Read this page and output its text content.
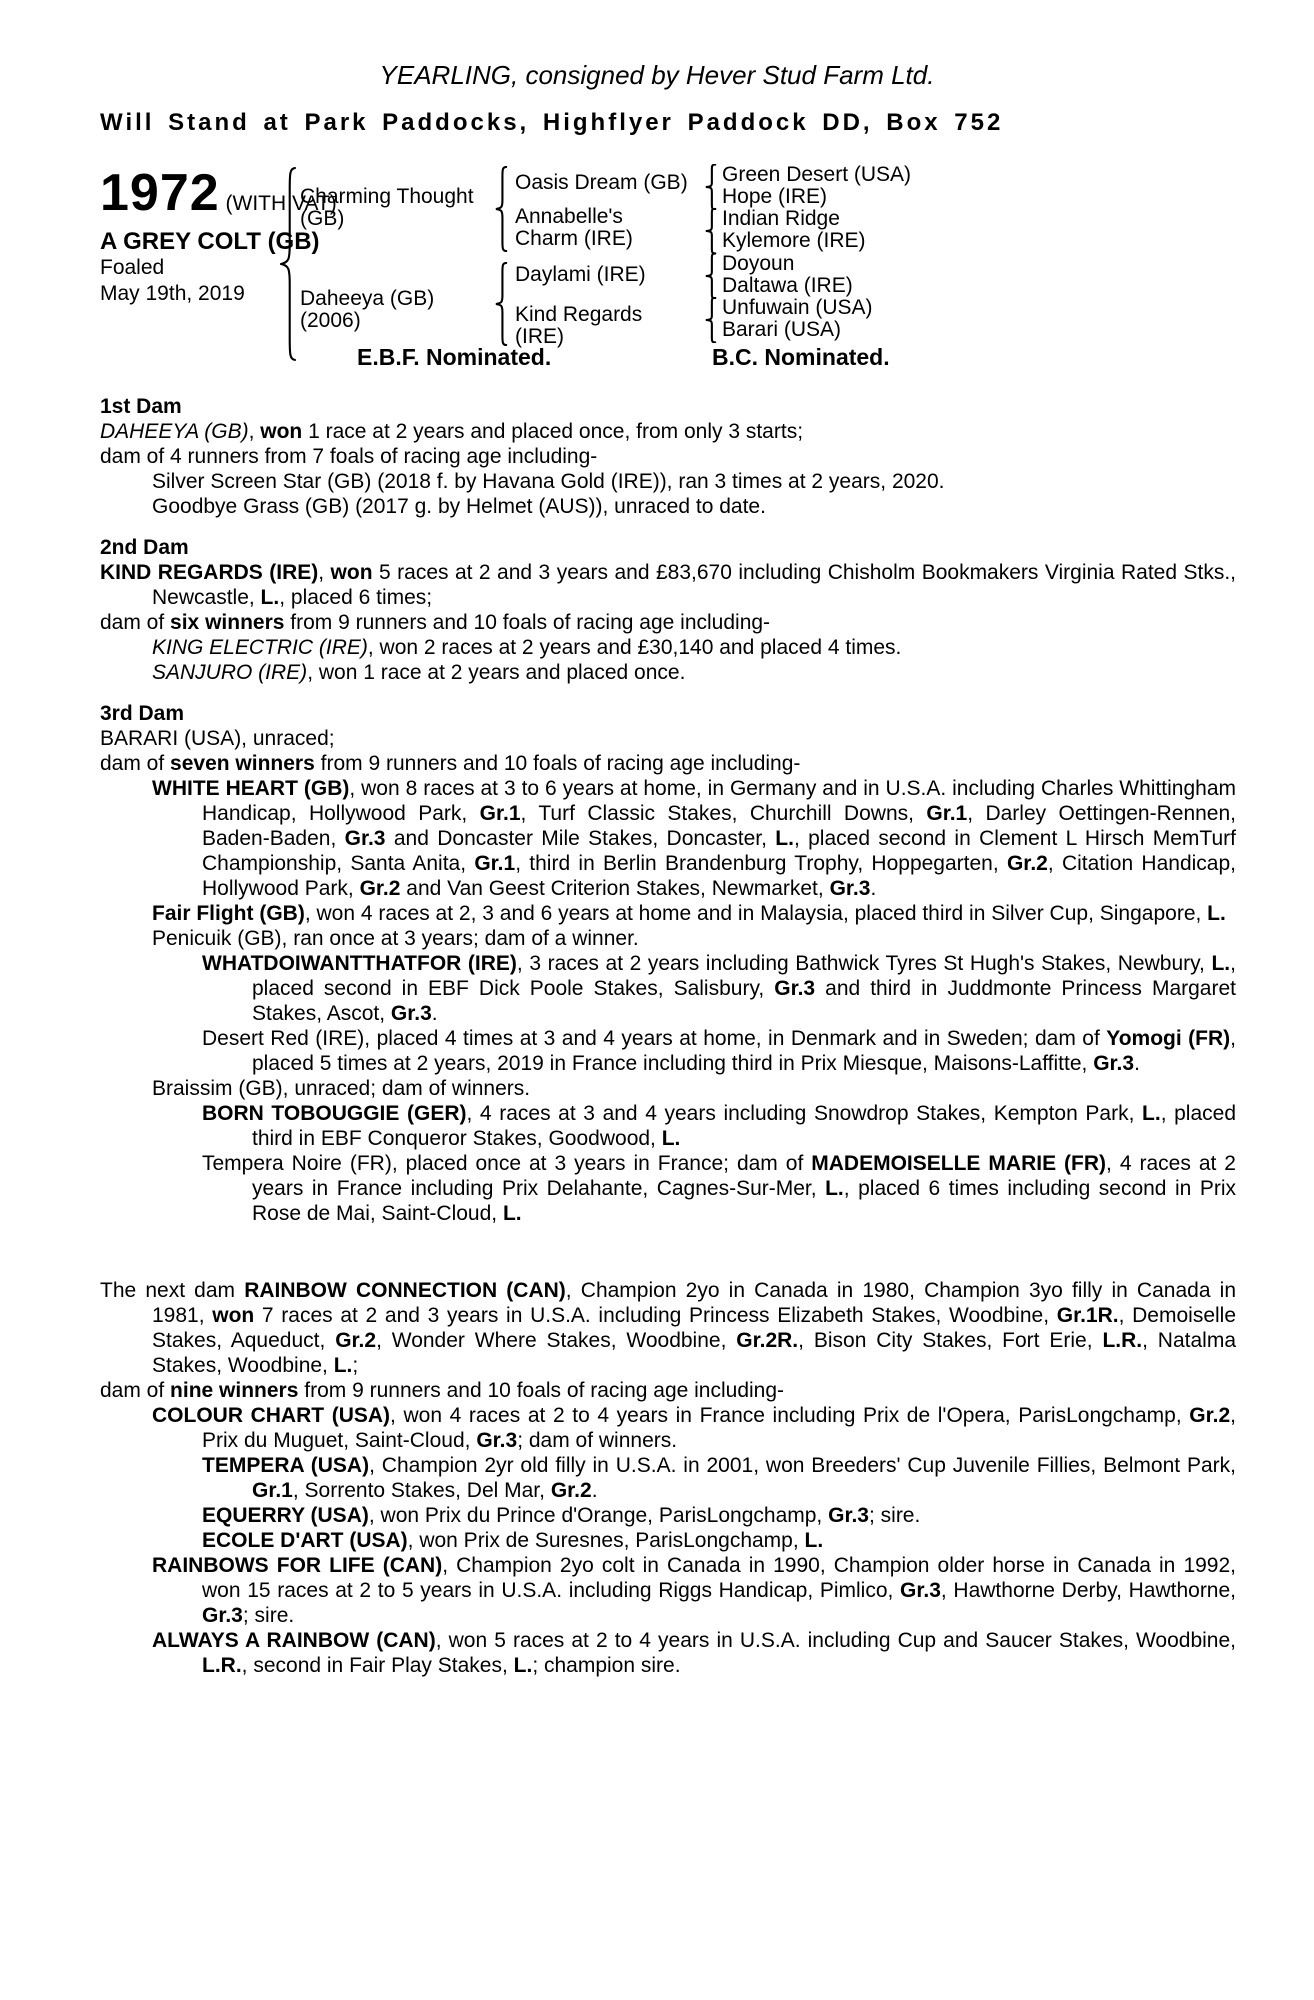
YEARLING, consigned by Hever Stud Farm Ltd.
Will Stand at Park Paddocks, Highflyer Paddock DD, Box 752
1972 (WITH VAT)
A GREY COLT (GB)
Foaled
May 19th, 2019
Charming Thought (GB)
Daheeya (GB) (2006)
Oasis Dream (GB)
Annabelle's Charm (IRE)
Daylami (IRE)
Kind Regards (IRE)
Green Desert (USA)
Hope (IRE)
Indian Ridge
Kylemore (IRE)
Doyoun
Daltawa (IRE)
Unfuwain (USA)
Barari (USA)
E.B.F. Nominated.	B.C. Nominated.
1st Dam

DAHEEYA (GB), won 1 race at 2 years and placed once, from only 3 starts;

dam of 4 runners from 7 foals of racing age including-

Silver Screen Star (GB) (2018 f. by Havana Gold (IRE)), ran 3 times at 2 years, 2020.

Goodbye Grass (GB) (2017 g. by Helmet (AUS)), unraced to date.

2nd Dam

KIND REGARDS (IRE), won 5 races at 2 and 3 years and £83,670 including Chisholm Bookmakers Virginia Rated Stks., Newcastle, L., placed 6 times;

dam of six winners from 9 runners and 10 foals of racing age including-

KING ELECTRIC (IRE), won 2 races at 2 years and £30,140 and placed 4 times.

SANJURO (IRE), won 1 race at 2 years and placed once.

3rd Dam

BARARI (USA), unraced;

dam of seven winners from 9 runners and 10 foals of racing age including-

WHITE HEART (GB), won 8 races at 3 to 6 years at home, in Germany and in U.S.A. including Charles Whittingham Handicap, Hollywood Park, Gr.1, Turf Classic Stakes, Churchill Downs, Gr.1, Darley Oettingen-Rennen, Baden-Baden, Gr.3 and Doncaster Mile Stakes, Doncaster, L., placed second in Clement L Hirsch MemTurf Championship, Santa Anita, Gr.1, third in Berlin Brandenburg Trophy, Hoppegarten, Gr.2, Citation Handicap, Hollywood Park, Gr.2 and Van Geest Criterion Stakes, Newmarket, Gr.3.

Fair Flight (GB), won 4 races at 2, 3 and 6 years at home and in Malaysia, placed third in Silver Cup, Singapore, L.

Penicuik (GB), ran once at 3 years; dam of a winner.

WHATDOIWANTTHATFOR (IRE), 3 races at 2 years including Bathwick Tyres St Hugh's Stakes, Newbury, L., placed second in EBF Dick Poole Stakes, Salisbury, Gr.3 and third in Juddmonte Princess Margaret Stakes, Ascot, Gr.3.

Desert Red (IRE), placed 4 times at 3 and 4 years at home, in Denmark and in Sweden; dam of Yomogi (FR), placed 5 times at 2 years, 2019 in France including third in Prix Miesque, Maisons-Laffitte, Gr.3.

Braissim (GB), unraced; dam of winners.

BORN TOBOUGGIE (GER), 4 races at 3 and 4 years including Snowdrop Stakes, Kempton Park, L., placed third in EBF Conqueror Stakes, Goodwood, L.

Tempera Noire (FR), placed once at 3 years in France; dam of MADEMOISELLE MARIE (FR), 4 races at 2 years in France including Prix Delahante, Cagnes-Sur-Mer, L., placed 6 times including second in Prix Rose de Mai, Saint-Cloud, L.

The next dam RAINBOW CONNECTION (CAN), Champion 2yo in Canada in 1980, Champion 3yo filly in Canada in 1981, won 7 races at 2 and 3 years in U.S.A. including Princess Elizabeth Stakes, Woodbine, Gr.1R., Demoiselle Stakes, Aqueduct, Gr.2, Wonder Where Stakes, Woodbine, Gr.2R., Bison City Stakes, Fort Erie, L.R., Natalma Stakes, Woodbine, L.;

dam of nine winners from 9 runners and 10 foals of racing age including-

COLOUR CHART (USA), won 4 races at 2 to 4 years in France including Prix de l'Opera, ParisLongchamp, Gr.2, Prix du Muguet, Saint-Cloud, Gr.3; dam of winners.

TEMPERA (USA), Champion 2yr old filly in U.S.A. in 2001, won Breeders' Cup Juvenile Fillies, Belmont Park, Gr.1, Sorrento Stakes, Del Mar, Gr.2.

EQUERRY (USA), won Prix du Prince d'Orange, ParisLongchamp, Gr.3; sire.

ECOLE D'ART (USA), won Prix de Suresnes, ParisLongchamp, L.

RAINBOWS FOR LIFE (CAN), Champion 2yo colt in Canada in 1990, Champion older horse in Canada in 1992, won 15 races at 2 to 5 years in U.S.A. including Riggs Handicap, Pimlico, Gr.3, Hawthorne Derby, Hawthorne, Gr.3; sire.

ALWAYS A RAINBOW (CAN), won 5 races at 2 to 4 years in U.S.A. including Cup and Saucer Stakes, Woodbine, L.R., second in Fair Play Stakes, L.; champion sire.
